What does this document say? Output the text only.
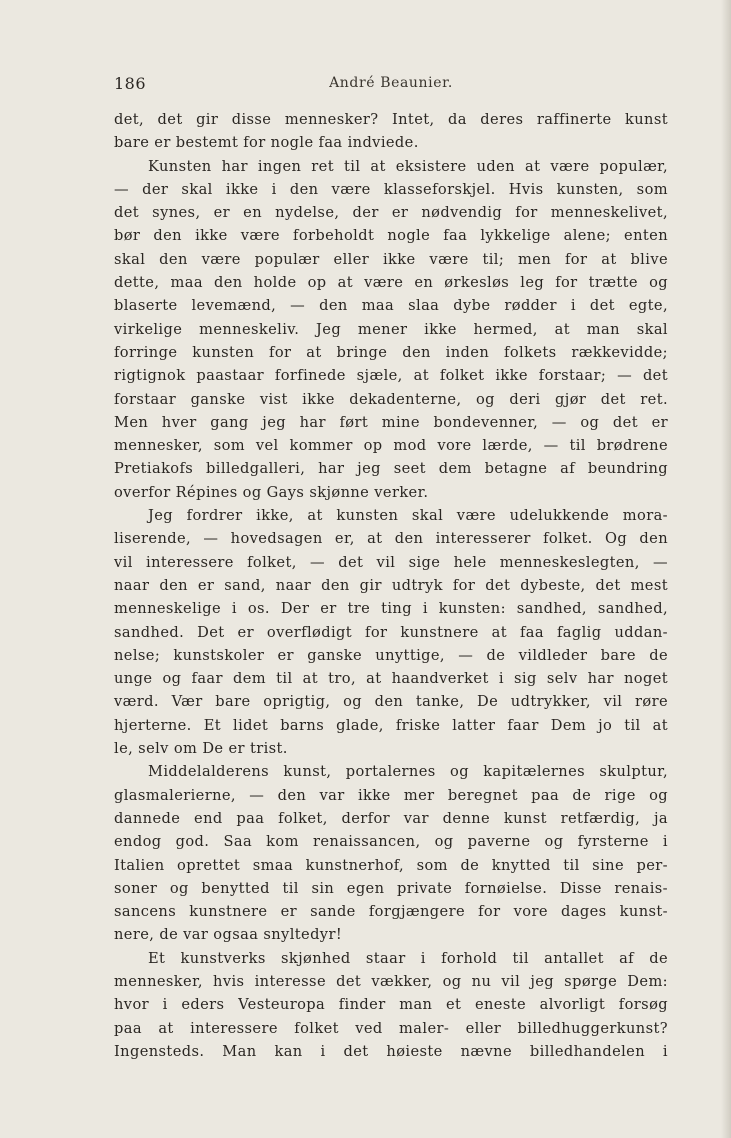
186	André Beaunier.
det, det gir disse mennesker? Intet, da deres raffinerte kunst
bare er bestemt for nogle faa indviede.
Kunsten har ingen ret til at eksistere uden at være populær,
— der skal ikke i den være klasseforskjel. Hvis kunsten, som
det synes, er en nydelse, der er nødvendig for menneskelivet,
bør den ikke være forbeholdt nogle faa lykkelige alene; enten
skal den være populær eller ikke være til; men for at blive
dette, maa den holde op at være en ørkesløs leg for trætte og
blaserte levemænd, — den maa slaa dybe rødder i det egte,
virkelige menneskeliv. Jeg mener ikke hermed, at man skal
forringe kunsten for at bringe den inden folkets rækkevidde;
rigtignok paastaar forfinede sjæle, at folket ikke forstaar; — det
forstaar ganske vist ikke dekadenterne, og deri gjør det ret.
Men hver gang jeg har ført mine bondevenner, — og det er
mennesker, som vel kommer op mod vore lærde, — til brødrene
Pretiakofs billedgalleri, har jeg seet dem betagne af beundring
overfor Répines og Gays skjønne verker.
Jeg fordrer ikke, at kunsten skal være udelukkende mora-
liserende, — hovedsagen er, at den interesserer folket. Og den
vil interessere folket, — det vil sige hele menneskeslegten, —
naar den er sand, naar den gir udtryk for det dybeste, det mest
menneskelige i os. Der er tre ting i kunsten: sandhed, sandhed,
sandhed. Det er overflødigt for kunstnere at faa faglig uddan-
nelse; kunstskoler er ganske unyttige, — de vildleder bare de
unge og faar dem til at tro, at haandverket i sig selv har noget
værd. Vær bare oprigtig, og den tanke, De udtrykker, vil røre
hjerterne. Et lidet barns glade, friske latter faar Dem jo til at
le, selv om De er trist.
Middelalderens kunst, portalernes og kapitælernes skulptur,
glasmalerierne, — den var ikke mer beregnet paa de rige og
dannede end paa folket, derfor var denne kunst retfærdig, ja
endog god. Saa kom renaissancen, og paverne og fyrsterne i
Italien oprettet smaa kunstnerhof, som de knytted til sine per-
soner og benytted til sin egen private fornøielse. Disse renais-
sancens kunstnere er sande forgjængere for vore dages kunst-
nere, de var ogsaa snyltedyr!
Et kunstverks skjønhed staar i forhold til antallet af de
mennesker, hvis interesse det vækker, og nu vil jeg spørge Dem:
hvor i eders Vesteuropa finder man et eneste alvorligt forsøg
paa at interessere folket ved maler- eller billedhuggerkunst?
Ingensteds. Man kan i det høieste nævne billedhandelen i
